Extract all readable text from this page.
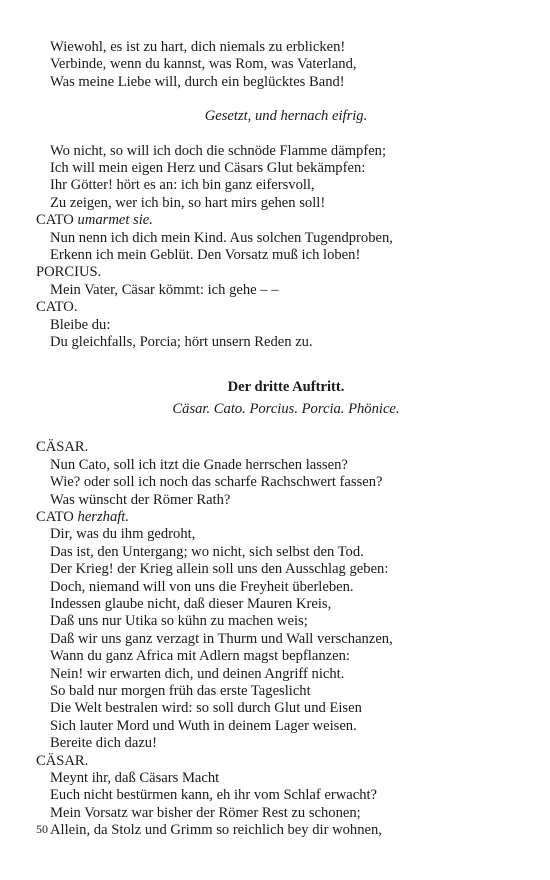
Wiewohl, es ist zu hart, dich niemals zu erblicken!
Verbinde, wenn du kannst, was Rom, was Vaterland,
Was meine Liebe will, durch ein beglücktes Band!
Gesetzt, und hernach eifrig.
Wo nicht, so will ich doch die schnöde Flamme dämpfen;
Ich will mein eigen Herz und Cäsars Glut bekämpfen:
Ihr Götter! hört es an: ich bin ganz eifersvoll,
Zu zeigen, wer ich bin, so hart mirs gehen soll!
CATO umarmet sie.
Nun nenn ich dich mein Kind. Aus solchen Tugendproben,
Erkenn ich mein Geblüt. Den Vorsatz muß ich loben!
PORCIUS.
Mein Vater, Cäsar kömmt: ich gehe – –
CATO.
Bleibe du:
Du gleichfalls, Porcia; hört unsern Reden zu.
Der dritte Auftritt.
Cäsar. Cato. Porcius. Porcia. Phönice.
CÄSAR.
Nun Cato, soll ich itzt die Gnade herrschen lassen?
Wie? oder soll ich noch das scharfe Rachschwert fassen?
Was wünscht der Römer Rath?
CATO herzhaft.
Dir, was du ihm gedroht,
Das ist, den Untergang; wo nicht, sich selbst den Tod.
Der Krieg! der Krieg allein soll uns den Ausschlag geben:
Doch, niemand will von uns die Freyheit überleben.
Indessen glaube nicht, daß dieser Mauren Kreis,
Daß uns nur Utika so kühn zu machen weis;
Daß wir uns ganz verzagt in Thurm und Wall verschanzen,
Wann du ganz Africa mit Adlern magst bepflanzen:
Nein! wir erwarten dich, und deinen Angriff nicht.
So bald nur morgen früh das erste Tageslicht
Die Welt bestralen wird: so soll durch Glut und Eisen
Sich lauter Mord und Wuth in deinem Lager weisen.
Bereite dich dazu!
CÄSAR.
Meynt ihr, daß Cäsars Macht
Euch nicht bestürmen kann, eh ihr vom Schlaf erwacht?
Mein Vorsatz war bisher der Römer Rest zu schonen;
Allein, da Stolz und Grimm so reichlich bey dir wohnen,
50
